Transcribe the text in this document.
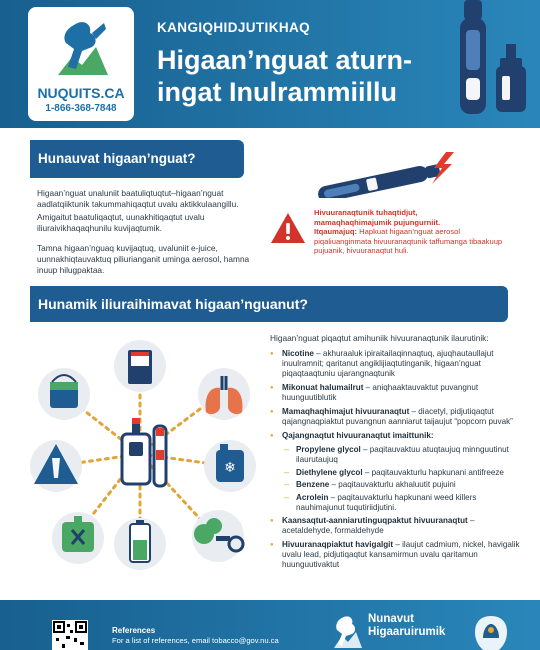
NUQUITS.CA
1-866-368-7848
KANGIQHIDJUTIKHAQ
Higaan’nguat aturn-ingat Inulrammiillu
Hunauvat higaan’nguat?
Higaan’nguat unaluniit baatuliqtuqtut–higaan’nguat aadlatqiiktunik takummahiqaqtut uvalu aktikkulaangillu.
Amigaitut baatuliqaqtut, uunakhitiqaqtut uvalu iliuraivikhaqaqhunilu kuvijaqtumik.
Tamna higaan’nguaq kuvijaqtuq, uvaluniit e-juice, uunnakhiqtauvaktuq piliurianganit uminga aerosol, hamna inuup hilugpaktaa.
Hivuuranaqtunik tuhaqtidjut,
mamaqhaqhimajumik pujungurniit.
Itqaumajuq: Hapkuat higaan’nguat aerosol piqaliuanginmata hivuuranaqtunik taffumanga tibaakuup pujuanik, hivuuranaqtut huli.
Hunamik iliuraihimavat higaan’nguanut?
❄
Higaan’nguat piqaqtut amihuniik hivuuranaqtunik ilaurutinik:
● Nicotine – akhuraaluk ipiraitailaqinnaqtuq, ajuqhautaullajut inuulramnit; qaritanut angiklijiaqtutinganik, higaan’nguat piqaqtaaqtuniu ujarangnaqtunik
● Mikonuat halumailrut – aniqhaaktauvaktut puvangnut huunguutiblutik
● Mamaqhaqhimajut hivuuranaqtut – diacetyl, pidjutiqaqtut qajangnaqpiaktut puvangnun aanniarut taijaujut “popcorn puvak”
● Qajangnaqtut hivuuranaqtut imaittunik:
– Propylene glycol – paqitauvaktuu atuqtaujuq minnguutinut ilaurutaujuq
– Diethylene glycol – paqitauvakturlu hapkunani antifreeze
– Benzene – paqitauvakturlu akhaluutit pujuini
– Acrolein – paqitauvakturlu hapkunani weed killers nauhimajunut tuqutiriidjutini.
● Kaansaqtut-aanniarutinguqpaktut hivuuranaqtut – acetaldehyde, formaldehyde
● Hivuuranaqpiaktut havigalgit – ilaujut cadmium, nickel, havigalik uvalu lead, pidjutiqaqtut kansamirmun uvalu qaritamun huunguutivaktut
References
For a list of references, email tobacco@gov.nu.ca
Nunavut
Higaaruirumik
